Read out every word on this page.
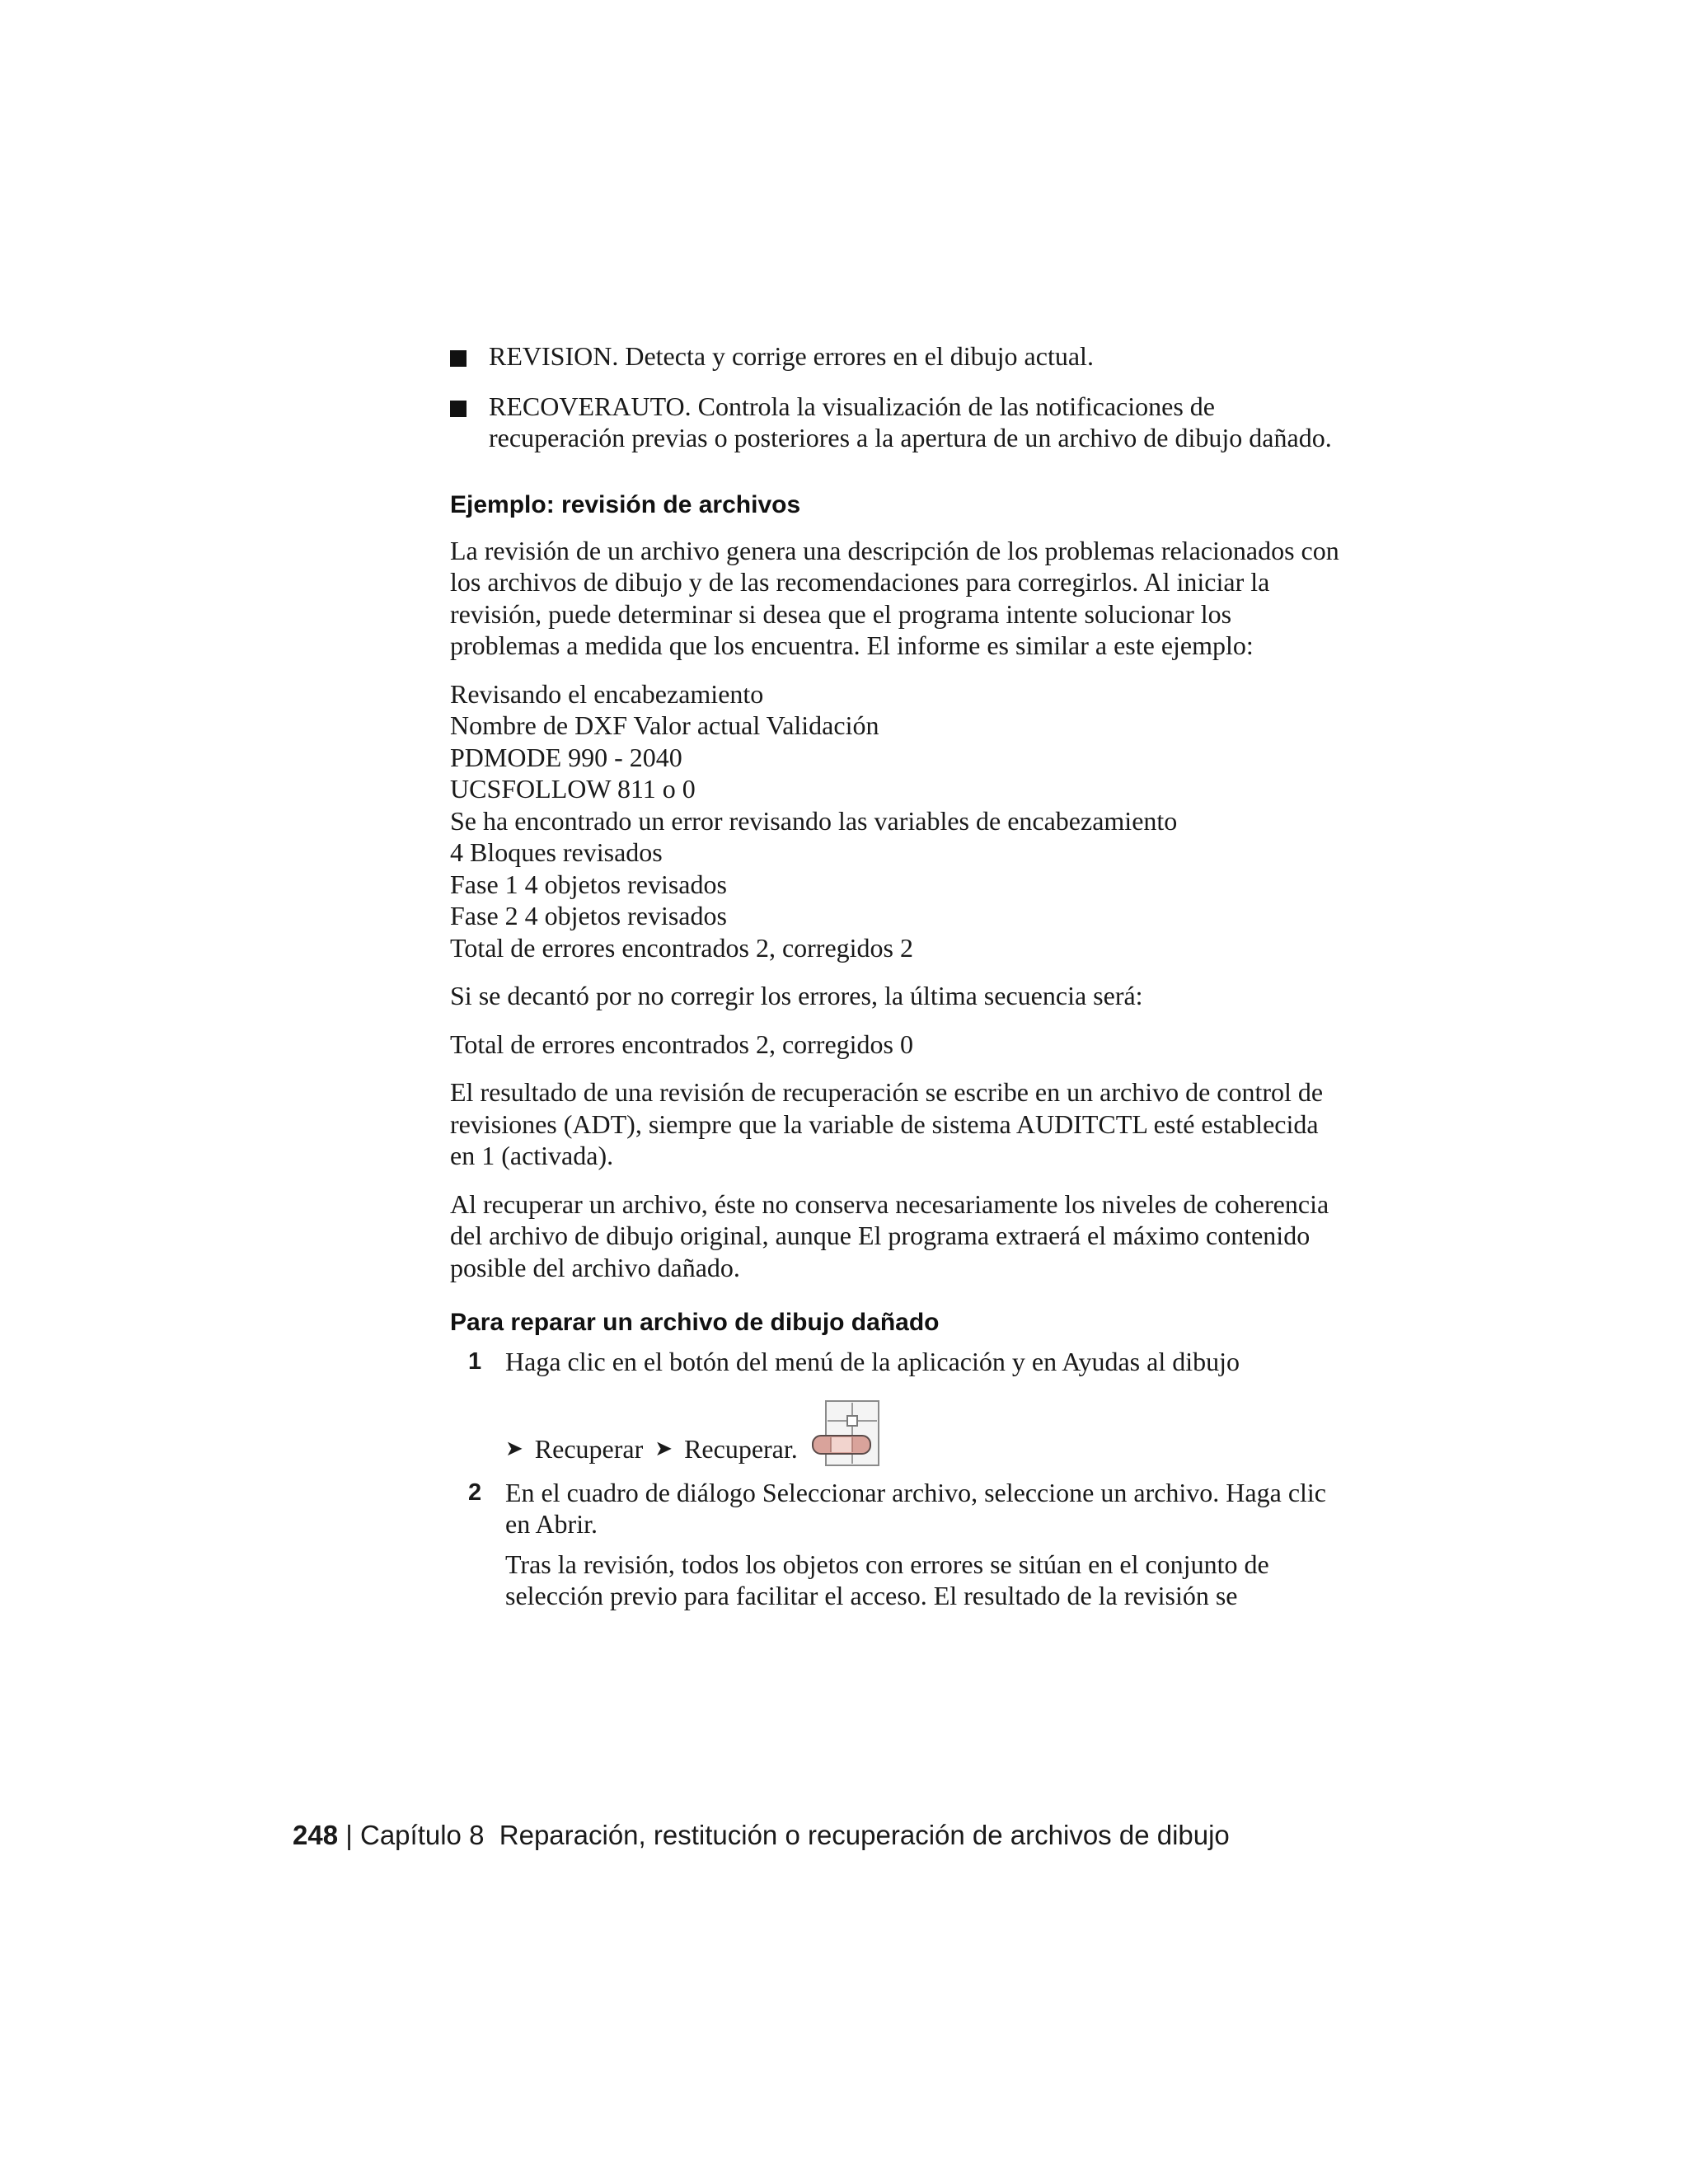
REVISION. Detecta y corrige errores en el dibujo actual.
RECOVERAUTO. Controla la visualización de las notificaciones de recuperación previas o posteriores a la apertura de un archivo de dibujo dañado.
Ejemplo: revisión de archivos

La revisión de un archivo genera una descripción de los problemas relacionados con los archivos de dibujo y de las recomendaciones para corregirlos. Al iniciar la revisión, puede determinar si desea que el programa intente solucionar los problemas a medida que los encuentra. El informe es similar a este ejemplo:

Revisando el encabezamiento

Nombre de DXF Valor actual Validación

PDMODE 990 - 2040

UCSFOLLOW 811 o 0

Se ha encontrado un error revisando las variables de encabezamiento

4 Bloques revisados

Fase 1 4 objetos revisados

Fase 2 4 objetos revisados

Total de errores encontrados 2, corregidos 2

Si se decantó por no corregir los errores, la última secuencia será:

Total de errores encontrados 2, corregidos 0

El resultado de una revisión de recuperación se escribe en un archivo de control de revisiones (ADT), siempre que la variable de sistema AUDITCTL esté establecida en 1 (activada).

Al recuperar un archivo, éste no conserva necesariamente los niveles de coherencia del archivo de dibujo original, aunque El programa extraerá el máximo contenido posible del archivo dañado.

Para reparar un archivo de dibujo dañado
1 Haga clic en el botón del menú de la aplicación y en Ayudas al dibujo
➤ Recuperar ➤ Recuperar.
2 En el cuadro de diálogo Seleccionar archivo, seleccione un archivo. Haga clic en Abrir.

Tras la revisión, todos los objetos con errores se sitúan en el conjunto de selección previo para facilitar el acceso. El resultado de la revisión se

248 | Capítulo 8 Reparación, restitución o recuperación de archivos de dibujo
